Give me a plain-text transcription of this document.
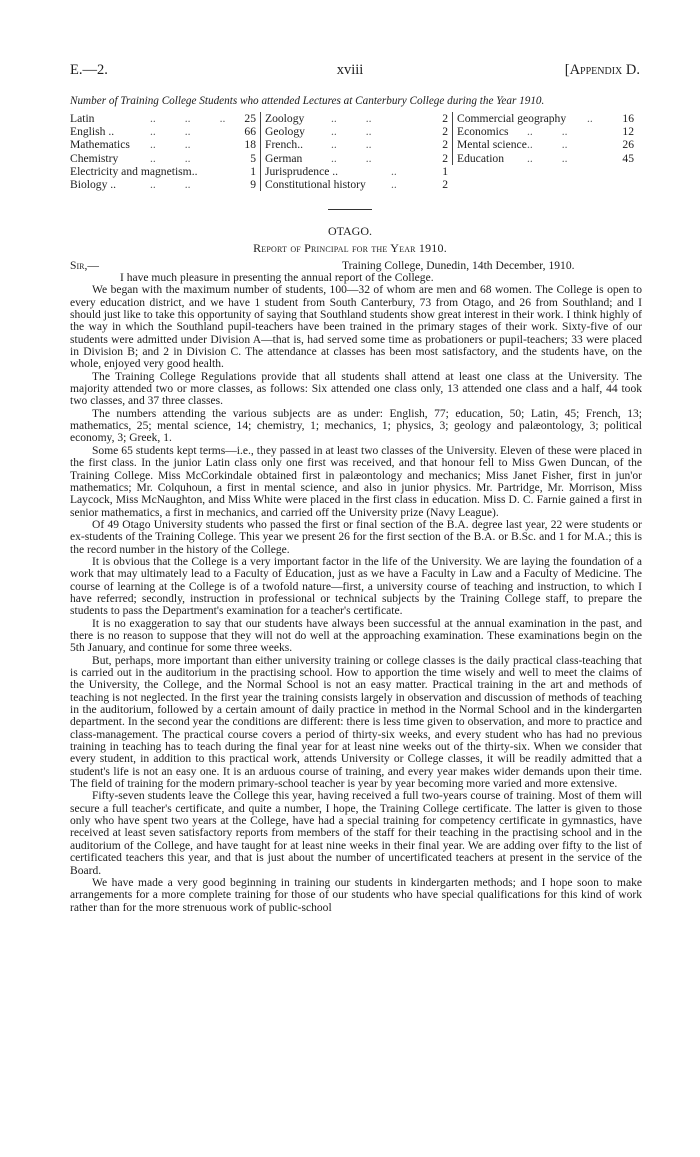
E.—2.	xviii	[Appendix D.
Number of Training College Students who attended Lectures at Canterbury College during the Year 1910.
Latin	..          ..          .. 25
English ..	..          ..	66
Mathematics ..          ..	18
Chemistry	..          ..	5
Electricity and magnetism..	1
Biology ..	..          ..	9
Zoology ..          ..	2
Geology ..          ..	2
French.. ..          ..	2
German ..          ..	2
Jurisprudence ..	..	1
Constitutional history ..	2
Commercial geography ..	16
Economics ..          ..	12
Mental science ..          ..	26
Education ..          ..	45
OTAGO.
Report of Principal for the Year 1910.
Sir,—	Training College, Dunedin, 14th December, 1910.

I have much pleasure in presenting the annual report of the College.

We began with the maximum number of students, 100—32 of whom are men and 68 women. The College is open to every education district, and we have 1 student from South Canterbury, 73 from Otago, and 26 from Southland; and I should just like to take this opportunity of saying that Southland students show great interest in their work. I think highly of the way in which the Southland pupil-teachers have been trained in the primary stages of their work. Sixty-five of our students were admitted under Division A—that is, had served some time as probationers or pupil-teachers; 33 were placed in Division B; and 2 in Division C. The attendance at classes has been most satisfactory, and the students have, on the whole, enjoyed very good health.

The Training College Regulations provide that all students shall attend at least one class at the University. The majority attended two or more classes, as follows: Six attended one class only, 13 attended one class and a half, 44 took two classes, and 37 three classes.

The numbers attending the various subjects are as under: English, 77; education, 50; Latin, 45; French, 13; mathematics, 25; mental science, 14; chemistry, 1; mechanics, 1; physics, 3; geology and palæontology, 3; political economy, 3; Greek, 1.

Some 65 students kept terms—i.e., they passed in at least two classes of the University. Eleven of these were placed in the first class. In the junior Latin class only one first was received, and that honour fell to Miss Gwen Duncan, of the Training College. Miss McCorkindale obtained first in palæontology and mechanics; Miss Janet Fisher, first in jun'or mathematics; Mr. Colquhoun, a first in mental science, and also in junior physics. Mr. Partridge, Mr. Morrison, Miss Laycock, Miss McNaughton, and Miss White were placed in the first class in education. Miss D. C. Farnie gained a first in senior mathematics, a first in mechanics, and carried off the University prize (Navy League).

Of 49 Otago University students who passed the first or final section of the B.A. degree last year, 22 were students or ex-students of the Training College. This year we present 26 for the first section of the B.A. or B.Sc. and 1 for M.A.; this is the record number in the history of the College.

It is obvious that the College is a very important factor in the life of the University. We are laying the foundation of a work that may ultimately lead to a Faculty of Education, just as we have a Faculty in Law and a Faculty of Medicine. The course of learning at the College is of a twofold nature—first, a university course of teaching and instruction, to which I have referred; secondly, instruction in professional or technical subjects by the Training College staff, to prepare the students to pass the Department's examination for a teacher's certificate.

It is no exaggeration to say that our students have always been successful at the annual examination in the past, and there is no reason to suppose that they will not do well at the approaching examination. These examinations begin on the 5th January, and continue for some three weeks.

But, perhaps, more important than either university training or college classes is the daily practical class-teaching that is carried out in the auditorium in the practising school. How to apportion the time wisely and well to meet the claims of the University, the College, and the Normal School is not an easy matter. Practical training in the art and methods of teaching is not neglected. In the first year the training consists largely in observation and discussion of methods of teaching in the auditorium, followed by a certain amount of daily practice in method in the Normal School and in the kindergarten department. In the second year the conditions are different: there is less time given to observation, and more to practice and class-management. The practical course covers a period of thirty-six weeks, and every student who has had no previous training in teaching has to teach during the final year for at least nine weeks out of the thirty-six. When we consider that every student, in addition to this practical work, attends University or College classes, it will be readily admitted that a student's life is not an easy one. It is an arduous course of training, and every year makes wider demands upon their time. The field of training for the modern primary-school teacher is year by year becoming more varied and more extensive.

Fifty-seven students leave the College this year, having received a full two-years course of training. Most of them will secure a full teacher's certificate, and quite a number, I hope, the Training College certificate. The latter is given to those only who have spent two years at the College, have had a special training for competency certificate in gymnastics, have received at least seven satisfactory reports from members of the staff for their teaching in the practising school and in the auditorium of the College, and have taught for at least nine weeks in their final year. We are adding over fifty to the list of certificated teachers this year, and that is just about the number of uncertificated teachers at present in the service of the Board.

We have made a very good beginning in training our students in kindergarten methods; and I hope soon to make arrangements for a more complete training for those of our students who have special qualifications for this kind of work rather than for the more strenuous work of public-school
